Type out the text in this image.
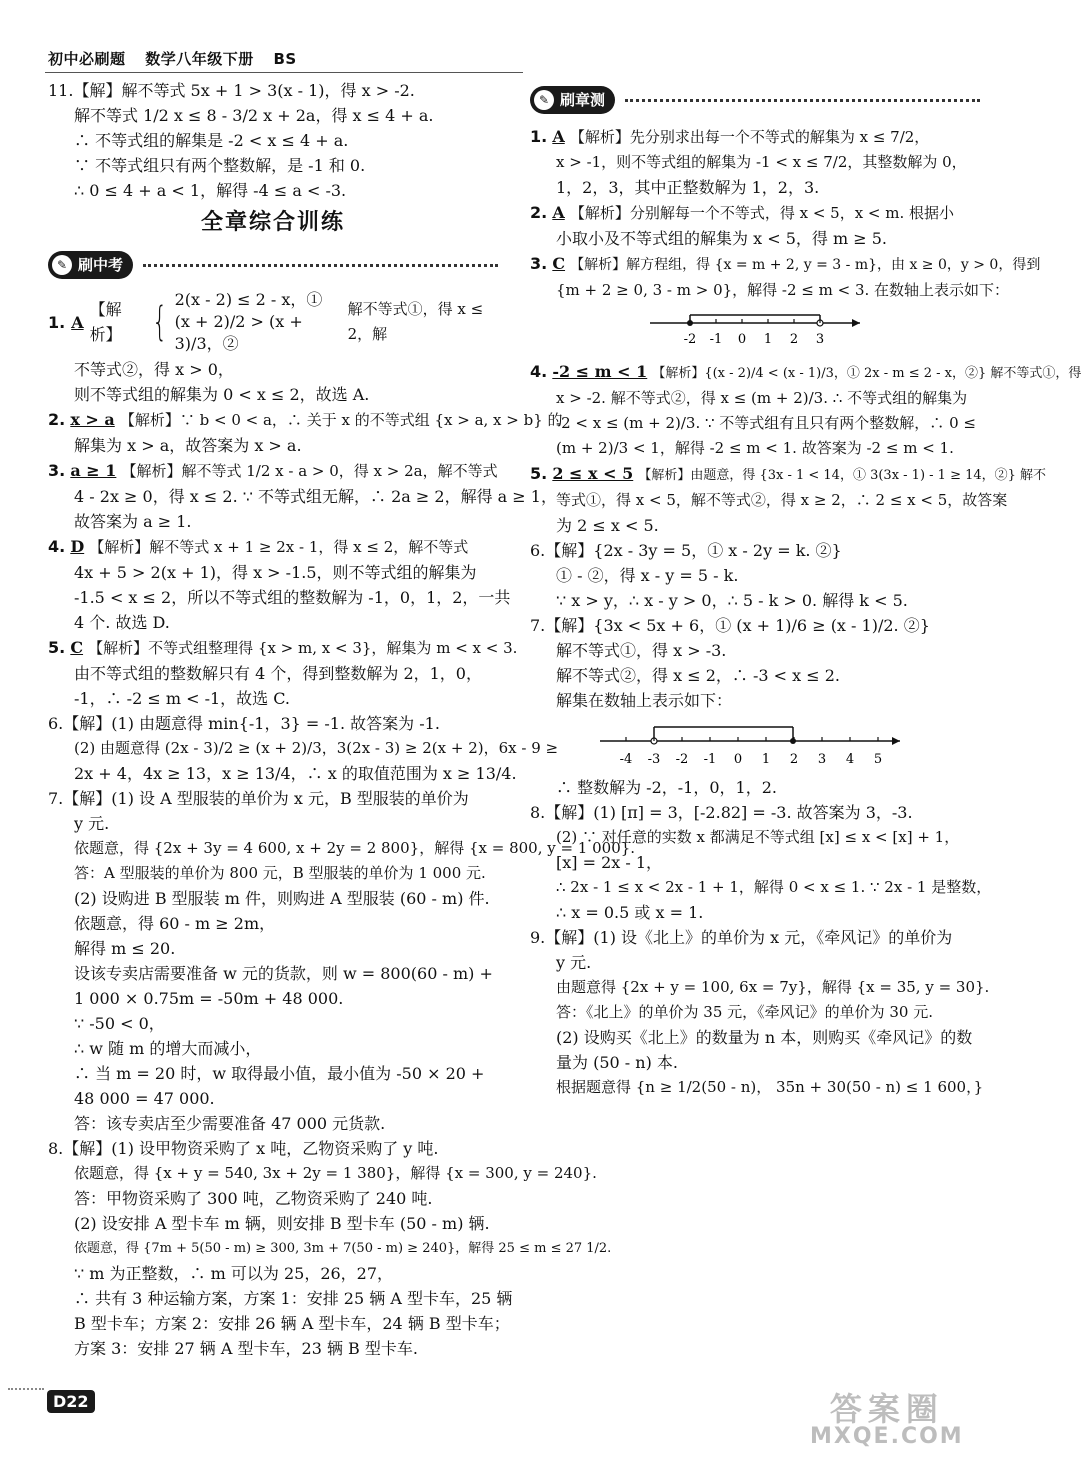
初中必刷题 数学八年级下册 BS
11.【解】解不等式 5x + 1 > 3(x - 1)，得 x > -2.
解不等式 1/2 x ≤ 8 - 3/2 x + 2a，得 x ≤ 4 + a.
∴ 不等式组的解集是 -2 < x ≤ 4 + a.
∵ 不等式组只有两个整数解，是 -1 和 0.
∴ 0 ≤ 4 + a < 1，解得 -4 ≤ a < -3.
全章综合训练
✎ 刷中考
1. A
【解析】 { 2(x - 2) ≤ 2 - x，①
(x + 2)/2 > (x + 3)/3，②
解不等式①，得 x ≤ 2，解
不等式②，得 x > 0，
则不等式组的解集为 0 < x ≤ 2，故选 A.
2. x > a 【解析】∵ b < 0 < a，∴ 关于 x 的不等式组 {x > a, x > b} 的
解集为 x > a，故答案为 x > a.
3. a ≥ 1 【解析】解不等式 1/2 x - a > 0，得 x > 2a，解不等式
4 - 2x ≥ 0，得 x ≤ 2. ∵ 不等式组无解，∴ 2a ≥ 2，解得 a ≥ 1，
故答案为 a ≥ 1.
4. D 【解析】解不等式 x + 1 ≥ 2x - 1，得 x ≤ 2，解不等式
4x + 5 > 2(x + 1)，得 x > -1.5，则不等式组的解集为
-1.5 < x ≤ 2，所以不等式组的整数解为 -1，0，1，2，一共
4 个. 故选 D.
5. C 【解析】不等式组整理得 {x > m, x < 3}，解集为 m < x < 3.
由不等式组的整数解只有 4 个，得到整数解为 2，1，0，
-1，∴ -2 ≤ m < -1，故选 C.
6.【解】(1) 由题意得 min{-1，3} = -1. 故答案为 -1.
(2) 由题意得 (2x - 3)/2 ≥ (x + 2)/3，3(2x - 3) ≥ 2(x + 2)，6x - 9 ≥
2x + 4，4x ≥ 13，x ≥ 13/4，∴ x 的取值范围为 x ≥ 13/4.
7.【解】(1) 设 A 型服装的单价为 x 元，B 型服装的单价为
y 元.
依题意，得 {2x + 3y = 4 600, x + 2y = 2 800}，解得 {x = 800, y = 1 000}.
答：A 型服装的单价为 800 元，B 型服装的单价为 1 000 元.
(2) 设购进 B 型服装 m 件，则购进 A 型服装 (60 - m) 件.
依题意，得 60 - m ≥ 2m，
解得 m ≤ 20.
设该专卖店需要准备 w 元的货款，则 w = 800(60 - m) +
1 000 × 0.75m = -50m + 48 000.
∵ -50 < 0，
∴ w 随 m 的增大而减小，
∴ 当 m = 20 时，w 取得最小值，最小值为 -50 × 20 +
48 000 = 47 000.
答：该专卖店至少需要准备 47 000 元货款.
8.【解】(1) 设甲物资采购了 x 吨，乙物资采购了 y 吨.
依题意，得 {x + y = 540, 3x + 2y = 1 380}，解得 {x = 300, y = 240}.
答：甲物资采购了 300 吨，乙物资采购了 240 吨.
(2) 设安排 A 型卡车 m 辆，则安排 B 型卡车 (50 - m) 辆.
依题意，得 {7m + 5(50 - m) ≥ 300, 3m + 7(50 - m) ≥ 240}，解得 25 ≤ m ≤ 27 1/2.
∵ m 为正整数，∴ m 可以为 25，26，27，
∴ 共有 3 种运输方案，方案 1：安排 25 辆 A 型卡车，25 辆
B 型卡车；方案 2：安排 26 辆 A 型卡车，24 辆 B 型卡车；
方案 3：安排 27 辆 A 型卡车，23 辆 B 型卡车.
✎ 刷章测
1. A 【解析】先分别求出每一个不等式的解集为 x ≤ 7/2，
x > -1，则不等式组的解集为 -1 < x ≤ 7/2，其整数解为 0，
1，2，3，其中正整数解为 1，2，3.
2. A 【解析】分别解每一个不等式，得 x < 5，x < m. 根据小
小取小及不等式组的解集为 x < 5，得 m ≥ 5.
3. C 【解析】解方程组，得 {x = m + 2, y = 3 - m}，由 x ≥ 0，y > 0，得到
{m + 2 ≥ 0, 3 - m > 0}，解得 -2 ≤ m < 3. 在数轴上表示如下：
-2 -1 0 1 2 3
4. -2 ≤ m < 1 【解析】{(x - 2)/4 < (x - 1)/3，① 2x - m ≤ 2 - x，②} 解不等式①，得
x > -2. 解不等式②，得 x ≤ (m + 2)/3. ∴ 不等式组的解集为
-2 < x ≤ (m + 2)/3. ∵ 不等式组有且只有两个整数解，∴ 0 ≤
(m + 2)/3 < 1，解得 -2 ≤ m < 1. 故答案为 -2 ≤ m < 1.
5. 2 ≤ x < 5 【解析】由题意，得 {3x - 1 < 14，① 3(3x - 1) - 1 ≥ 14，②} 解不
等式①，得 x < 5，解不等式②，得 x ≥ 2，∴ 2 ≤ x < 5，故答案
为 2 ≤ x < 5.
6.【解】{2x - 3y = 5，① x - 2y = k. ②}
① - ②，得 x - y = 5 - k.
∵ x > y，∴ x - y > 0，∴ 5 - k > 0. 解得 k < 5.
7.【解】{3x < 5x + 6，① (x + 1)/6 ≥ (x - 1)/2. ②}
解不等式①，得 x > -3.
解不等式②，得 x ≤ 2，∴ -3 < x ≤ 2.
解集在数轴上表示如下：
-4 -3 -2 -1 0 1 2 3 4 5
∴ 整数解为 -2，-1，0，1，2.
8.【解】(1) [π] = 3，[-2.82] = -3. 故答案为 3，-3.
(2) ∵ 对任意的实数 x 都满足不等式组 [x] ≤ x < [x] + 1，
[x] = 2x - 1，
∴ 2x - 1 ≤ x < 2x - 1 + 1，解得 0 < x ≤ 1. ∵ 2x - 1 是整数，
∴ x = 0.5 或 x = 1.
9.【解】(1) 设《北上》的单价为 x 元，《牵风记》的单价为
y 元.
由题意得 {2x + y = 100, 6x = 7y}，解得 {x = 35, y = 30}.
答：《北上》的单价为 35 元，《牵风记》的单价为 30 元.
(2) 设购买《北上》的数量为 n 本，则购买《牵风记》的数
量为 (50 - n) 本.
根据题意得 {n ≥ 1/2(50 - n)， 35n + 30(50 - n) ≤ 1 600，}
D22	答案圈
MXQE.COM
